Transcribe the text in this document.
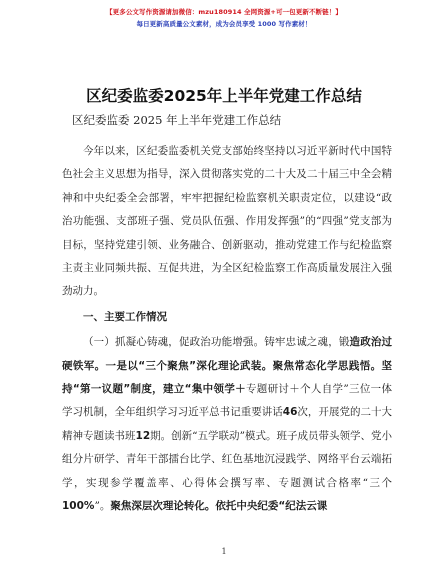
【更多公文写作资源请加微信：mzu180914 全网资源+可一包更新不断链！】
每日更新高质量公文素材，成为会员享受 1000 写作素材！
区纪委监委2025年上半年党建工作总结
区纪委监委 2025 年上半年党建工作总结

今年以来，区纪委监委机关党支部始终坚持以习近平新时代中国特色社会主义思想为指导，深入贯彻落实党的二十大及二十届三中全会精神和中央纪委全会部署，牢牢把握纪检监察机关职责定位，以建设“政治功能强、支部班子强、党员队伍强、作用发挥强”的“四强”党支部为目标，坚持党建引领、业务融合、创新驱动，推动党建工作与纪检监察主责主业同频共振、互促共进，为全区纪检监察工作高质量发展注入强劲动力。

一、主要工作情况

（一）抓凝心铸魂，促政治功能增强。铸牢忠诚之魂，锻造政治过硬铁军。一是以“三个聚焦”深化理论武装。聚焦常态化学思践悟。坚持“第一议题”制度，建立“集中领学＋专题研讨＋个人自学”三位一体学习机制，全年组织学习习近平总书记重要讲话46次，开展党的二十大精神专题读书班12期。创新“五学联动”模式。班子成员带头领学、党小组分片研学、青年干部擂台比学、红色基地沉浸践学、网络平台云端拓学，实现参学覆盖率、心得体会撰写率、专题测试合格率“三个100%”。聚焦深层次理论转化。依托中央纪委“纪法云课

1
